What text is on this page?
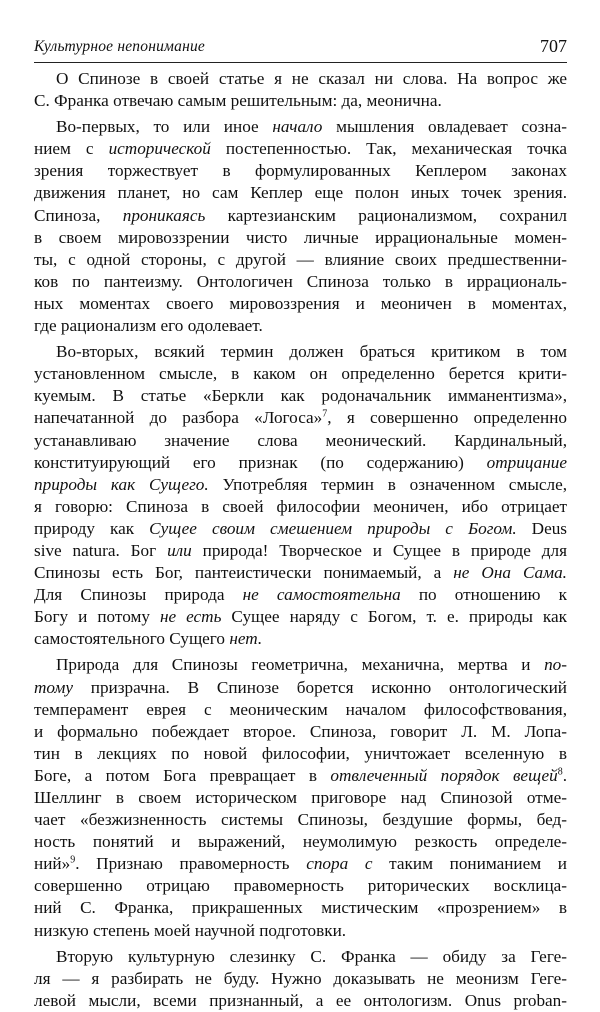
Культурное непонимание	707
О Спинозе в своей статье я не сказал ни слова. На вопрос же
С. Франка отвечаю самым решительным: да, меонична.
Во-первых, то или иное начало мышления овладевает созна-
нием с исторической постепенностью. Так, механическая точка
зрения торжествует в формулированных Кеплером законах
движения планет, но сам Кеплер еще полон иных точек зрения.
Спиноза, проникаясь картезианским рационализмом, сохранил
в своем мировоззрении чисто личные иррациональные момен-
ты, с одной стороны, с другой — влияние своих предшественни-
ков по пантеизму. Онтологичен Спиноза только в иррациональ-
ных моментах своего мировоззрения и меоничен в моментах,
где рационализм его одолевает.
Во-вторых, всякий термин должен браться критиком в том
установленном смысле, в каком он определенно берется крити-
куемым. В статье «Беркли как родоначальник имманентизма»,
напечатанной до разбора «Логоса»$^7$, я совершенно определенно
устанавливаю значение слова меонический. Кардинальный,
конституирующий его признак (по содержанию) отрицание
природы как Сущего. Употребляя термин в означенном смысле,
я говорю: Спиноза в своей философии меоничен, ибо отрицает
природу как Сущее своим смешением природы с Богом. Deus
sive natura. Бог или природа! Творческое и Сущее в природе для
Спинозы есть Бог, пантеистически понимаемый, а не Она Сама.
Для Спинозы природа не самостоятельна по отношению к
Богу и потому не есть Сущее наряду с Богом, т. е. природы как
самостоятельного Сущего нет.
Природа для Спинозы геометрична, механична, мертва и по-
тому призрачна. В Спинозе борется исконно онтологический
темперамент еврея с меоническим началом философствования,
и формально побеждает второе. Спиноза, говорит Л. М. Лопа-
тин в лекциях по новой философии, уничтожает вселенную в
Боге, а потом Бога превращает в отвлеченный порядок вещей$^8$.
Шеллинг в своем историческом приговоре над Спинозой отме-
чает «безжизненность системы Спинозы, бездушие формы, бед-
ность понятий и выражений, неумолимую резкость определе-
ний»$^9$. Признаю правомерность спора с таким пониманием и
совершенно отрицаю правомерность риторических восклица-
ний С. Франка, прикрашенных мистическим «прозрением» в
низкую степень моей научной подготовки.
Вторую культурную слезинку С. Франка — обиду за Геге-
ля — я разбирать не буду. Нужно доказывать не меонизм Геге-
левой мысли, всеми признанный, а ее онтологизм. Onus proban-
